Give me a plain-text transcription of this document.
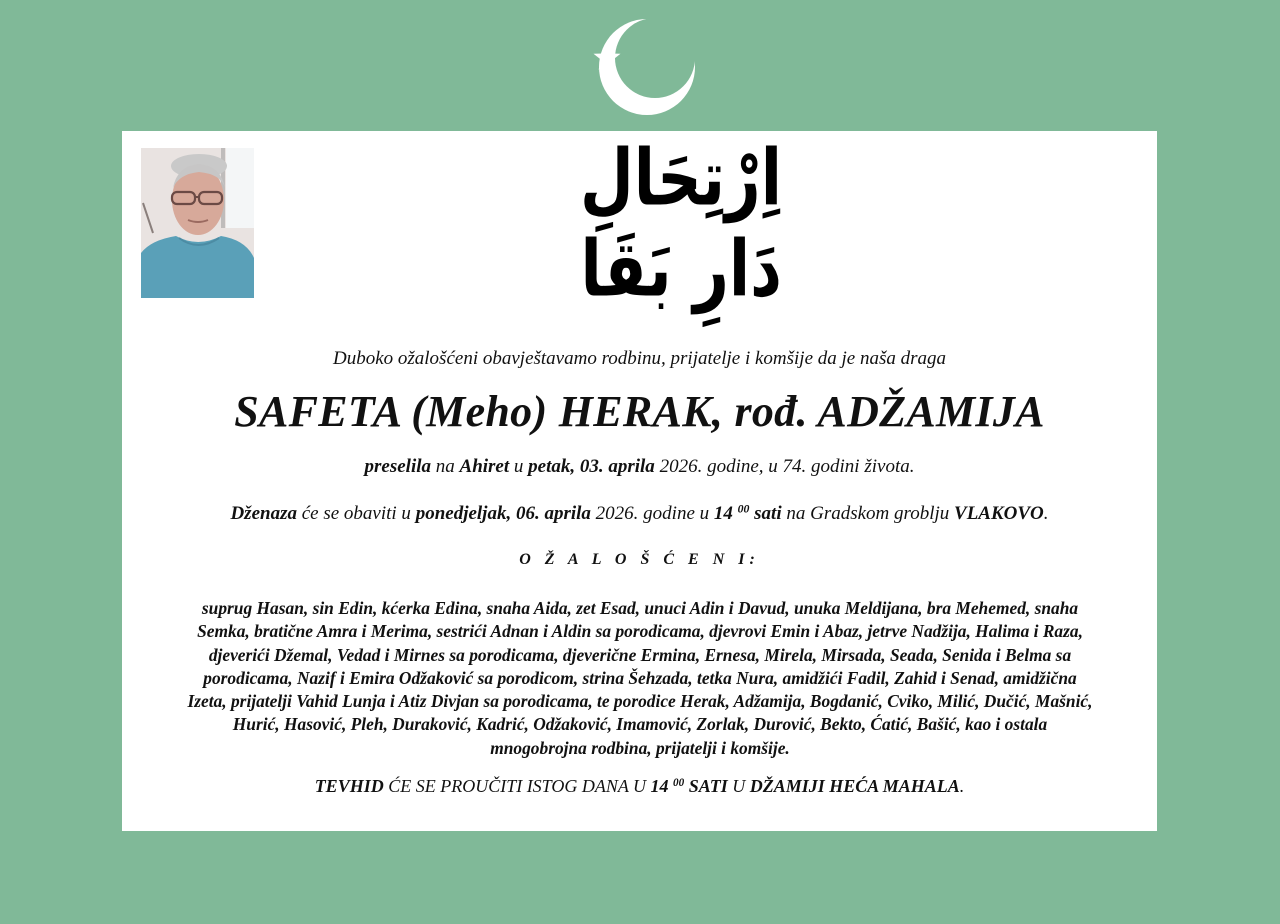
اِرْتِحَالِ دَارِ بَقَا
Duboko ožalošćeni obavještavamo rodbinu, prijatelje i komšije da je naša draga
SAFETA (Meho) HERAK, rođ. ADŽAMIJA
preselila na Ahiret u petak, 03. aprila 2026. godine, u 74. godini života.
Dženaza će se obaviti u ponedjeljak, 06. aprila 2026. godine u 14 $^{00}$ sati na Gradskom groblju VLAKOVO.
O Ž A L O Š Ć E N I:
suprug Hasan, sin Edin, kćerka Edina, snaha Aida, zet Esad, unuci Adin i Davud, unuka Meldijana, bra Mehemed, snaha
Semka, bratične Amra i Merima, sestrići Adnan i Aldin sa porodicama, djevrovi Emin i Abaz, jetrve Nadžija, Halima i Raza,
djeverići Džemal, Vedad i Mirnes sa porodicama, djeverične Ermina, Ernesa, Mirela, Mirsada, Seada, Senida i Belma sa
porodicama, Nazif i Emira Odžaković sa porodicom, strina Šehzada, tetka Nura, amidžići Fadil, Zahid i Senad, amidžična
Izeta, prijatelji Vahid Lunja i Atiz Divjan sa porodicama, te porodice Herak, Adžamija, Bogdanić, Cviko, Milić, Dučić, Mašnić,
Hurić, Hasović, Pleh, Duraković, Kadrić, Odžaković, Imamović, Zorlak, Durović, Bekto, Ćatić, Bašić, kao i ostala
mnogobrojna rodbina, prijatelji i komšije.
TEVHID ĆE SE PROUČITI ISTOG DANA U 14 $^{00}$ SATI U DŽAMIJI HEĆA MAHALA.
